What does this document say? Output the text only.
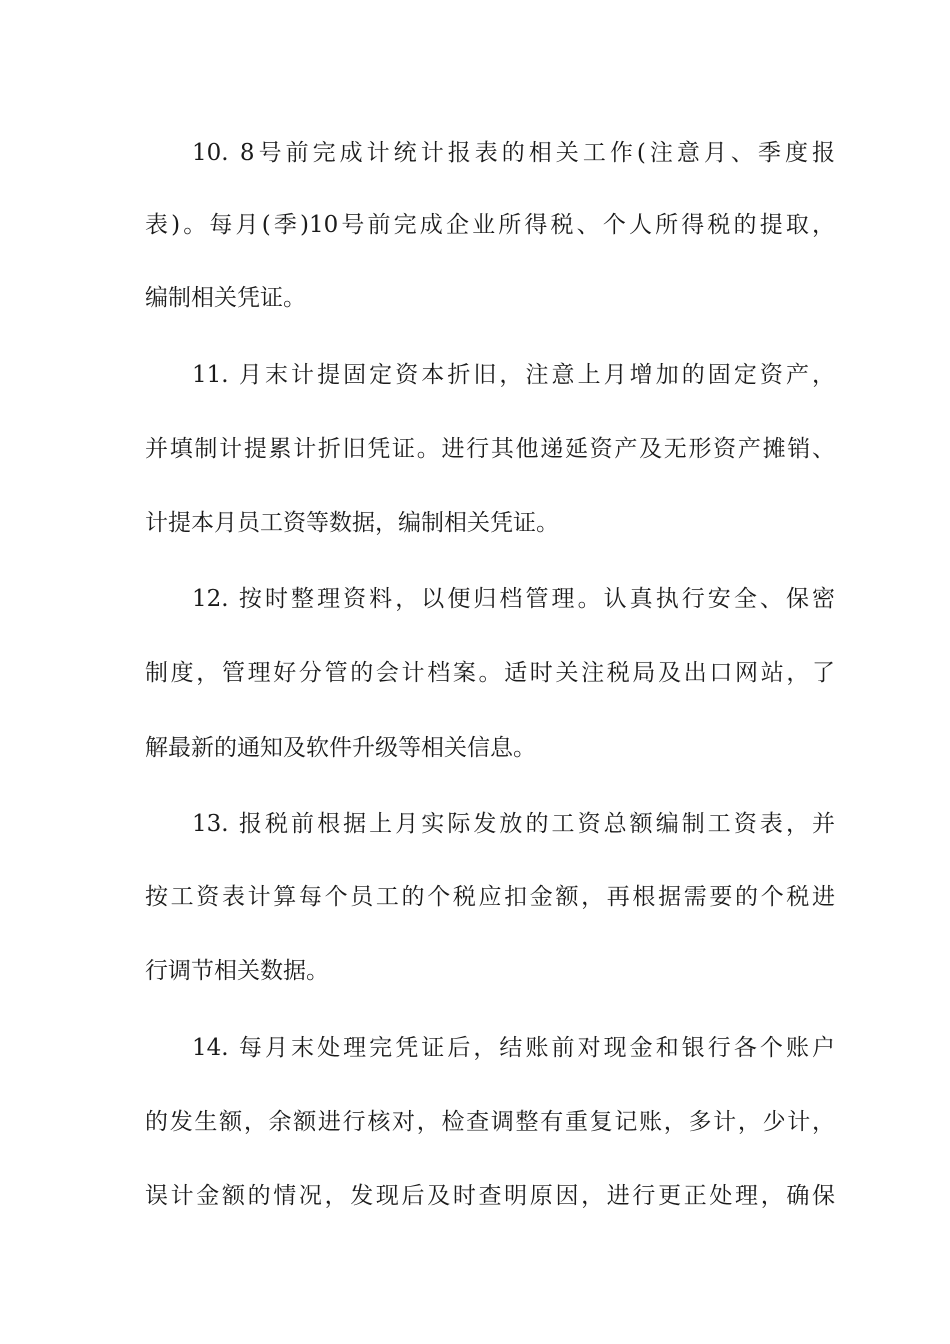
10. 8号前完成计统计报表的相关工作(注意月、季度报
表)。每月(季)10号前完成企业所得税、个人所得税的提取，
编制相关凭证。
11. 月末计提固定资本折旧，注意上月增加的固定资产，
并填制计提累计折旧凭证。进行其他递延资产及无形资产摊销、
计提本月员工资等数据，编制相关凭证。
12. 按时整理资料，以便归档管理。认真执行安全、保密
制度，管理好分管的会计档案。适时关注税局及出口网站，了
解最新的通知及软件升级等相关信息。
13. 报税前根据上月实际发放的工资总额编制工资表，并
按工资表计算每个员工的个税应扣金额，再根据需要的个税进
行调节相关数据。
14. 每月末处理完凭证后，结账前对现金和银行各个账户
的发生额，余额进行核对，检查调整有重复记账，多计，少计，
误计金额的情况，发现后及时查明原因，进行更正处理，确保
